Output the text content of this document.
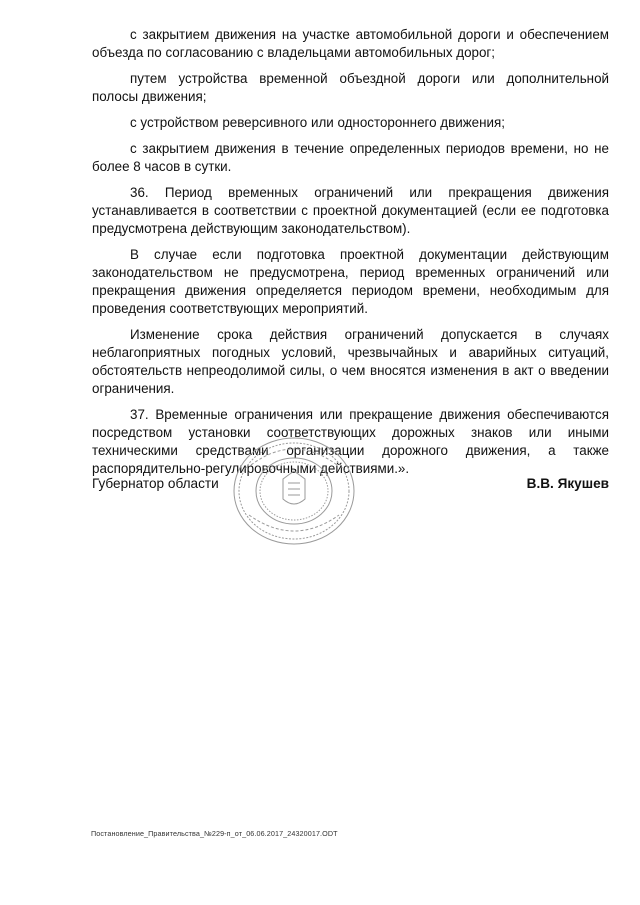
с закрытием движения на участке автомобильной дороги и обеспечением объезда по согласованию с владельцами автомобильных дорог;

путем устройства временной объездной дороги или дополнительной полосы движения;

с устройством реверсивного или одностороннего движения;

с закрытием движения в течение определенных периодов времени, но не более 8 часов в сутки.

36. Период временных ограничений или прекращения движения устанавливается в соответствии с проектной документацией (если ее подготовка предусмотрена действующим законодательством).

В случае если подготовка проектной документации действующим законодательством не предусмотрена, период временных ограничений или прекращения движения определяется периодом времени, необходимым для проведения соответствующих мероприятий.

Изменение срока действия ограничений допускается в случаях неблагоприятных погодных условий, чрезвычайных и аварийных ситуаций, обстоятельств непреодолимой силы, о чем вносятся изменения в акт о введении ограничения.

37. Временные ограничения или прекращение движения обеспечиваются посредством установки соответствующих дорожных знаков или иными техническими средствами организации дорожного движения, а также распорядительно-регулировочными действиями.».

Губернатор области	В.В. Якушев
Постановление_Правительства_№229-п_от_06.06.2017_24320017.ODT
